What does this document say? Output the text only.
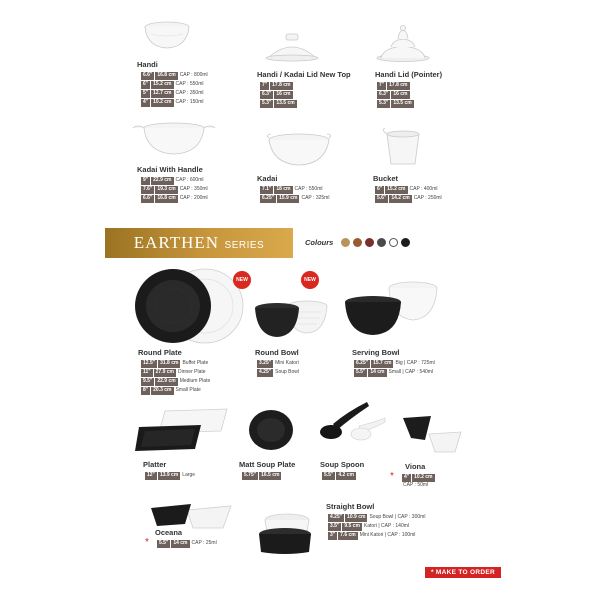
Handi
6.6"	16.8 cm CAP : 800ml
6"	15.2 cm CAP : 550ml
5"	12.7 cm CAP : 350ml
4"	10.2 cm CAP : 150ml
Handi / Kadai Lid New Top
7"	17.8 cm
6.3"	16 cm
5.3"	13.5 cm
Handi Lid (Pointer)
7"	17.8 cm
6.3"	16 cm
5.3"	13.5 cm
Kadai With Handle
9"	22.9 cm CAP : 600ml
7.6"	19.3 cm CAP : 350ml
6.6"	16.8 cm CAP : 200ml
Kadai
7.1"	18 cm CAP : 550ml
6.25"	15.9 cm CAP : 325ml
Bucket
6"	15.2 cm CAP : 400ml
5.6"	14.2 cm CAP : 250ml
EARTHEN SERIES	Colours
NEW
Round Plate
12.5"	31.8 cm Buffet Plate
11"	27.9 cm Dinner Plate
9.5"	22.9 cm Medium Plate
8"	20.3 cm Small Plate
NEW
Round Bowl
3.25" Mini Katori
4.25" Soup Bowl
Serving Bowl
6.25"	15.7 cm Big | CAP : 725ml
5.5"	14 cm Small | CAP : 540ml
Platter
12"	13.9 cm Large
Matt Soup Plate
5.75"	16.5 cm
Soup Spoon
5.5"	4.2 cm
Viona
*	4"	10.2 cm
CAP : 50ml
Oceana
*	5.5"	14 cm CAP : 25ml
Straight Bowl
4.25"	10.9 cm Soup Bowl | CAP : 300ml
3.5"	9.5 cm Katori | CAP : 140ml
3"	7.6 cm Mini Katori | CAP : 100ml
* MAKE TO ORDER
